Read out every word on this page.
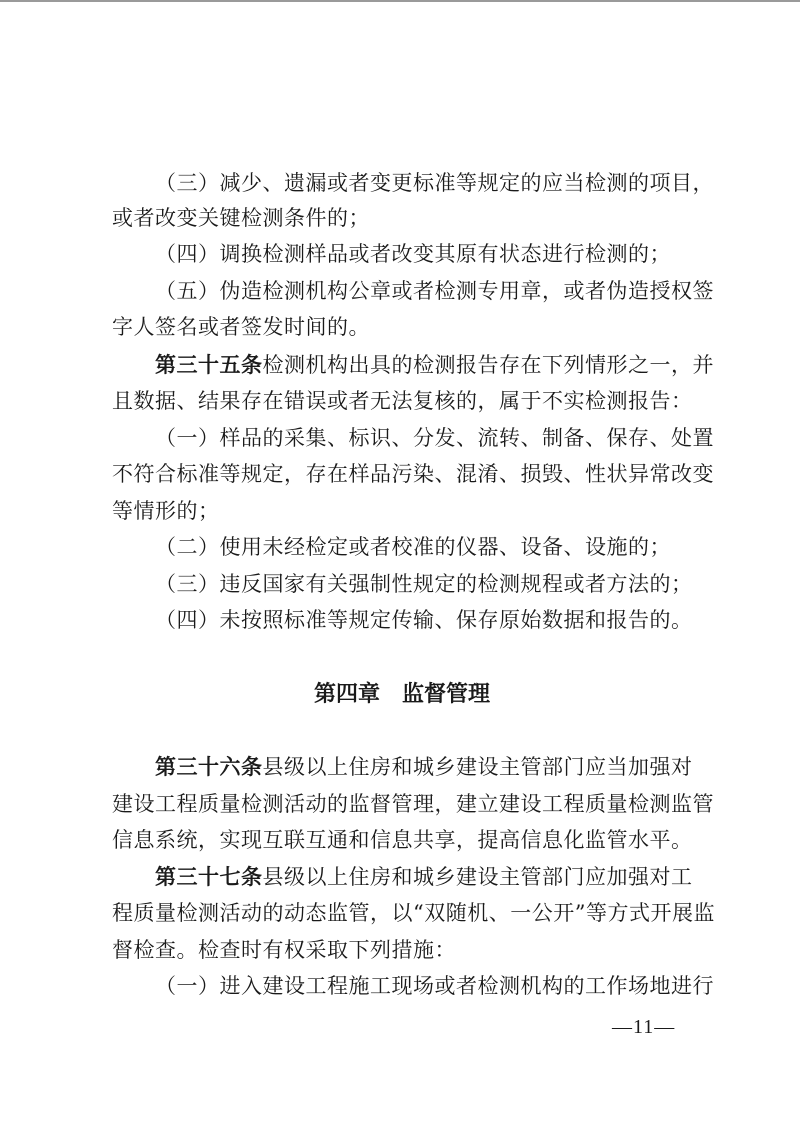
（三）减少、遗漏或者变更标准等规定的应当检测的项目，
或者改变关键检测条件的；
（四）调换检测样品或者改变其原有状态进行检测的；
（五）伪造检测机构公章或者检测专用章，或者伪造授权签
字人签名或者签发时间的。
第三十五条检测机构出具的检测报告存在下列情形之一，并
且数据、结果存在错误或者无法复核的，属于不实检测报告：
（一）样品的采集、标识、分发、流转、制备、保存、处置
不符合标准等规定，存在样品污染、混淆、损毁、性状异常改变
等情形的；
（二）使用未经检定或者校准的仪器、设备、设施的；
（三）违反国家有关强制性规定的检测规程或者方法的；
（四）未按照标准等规定传输、保存原始数据和报告的。
第四章　监督管理
第三十六条县级以上住房和城乡建设主管部门应当加强对
建设工程质量检测活动的监督管理，建立建设工程质量检测监管
信息系统，实现互联互通和信息共享，提高信息化监管水平。
第三十七条县级以上住房和城乡建设主管部门应加强对工
程质量检测活动的动态监管，以“双随机、一公开”等方式开展监
督检查。检查时有权采取下列措施：
（一）进入建设工程施工现场或者检测机构的工作场地进行
—11—
